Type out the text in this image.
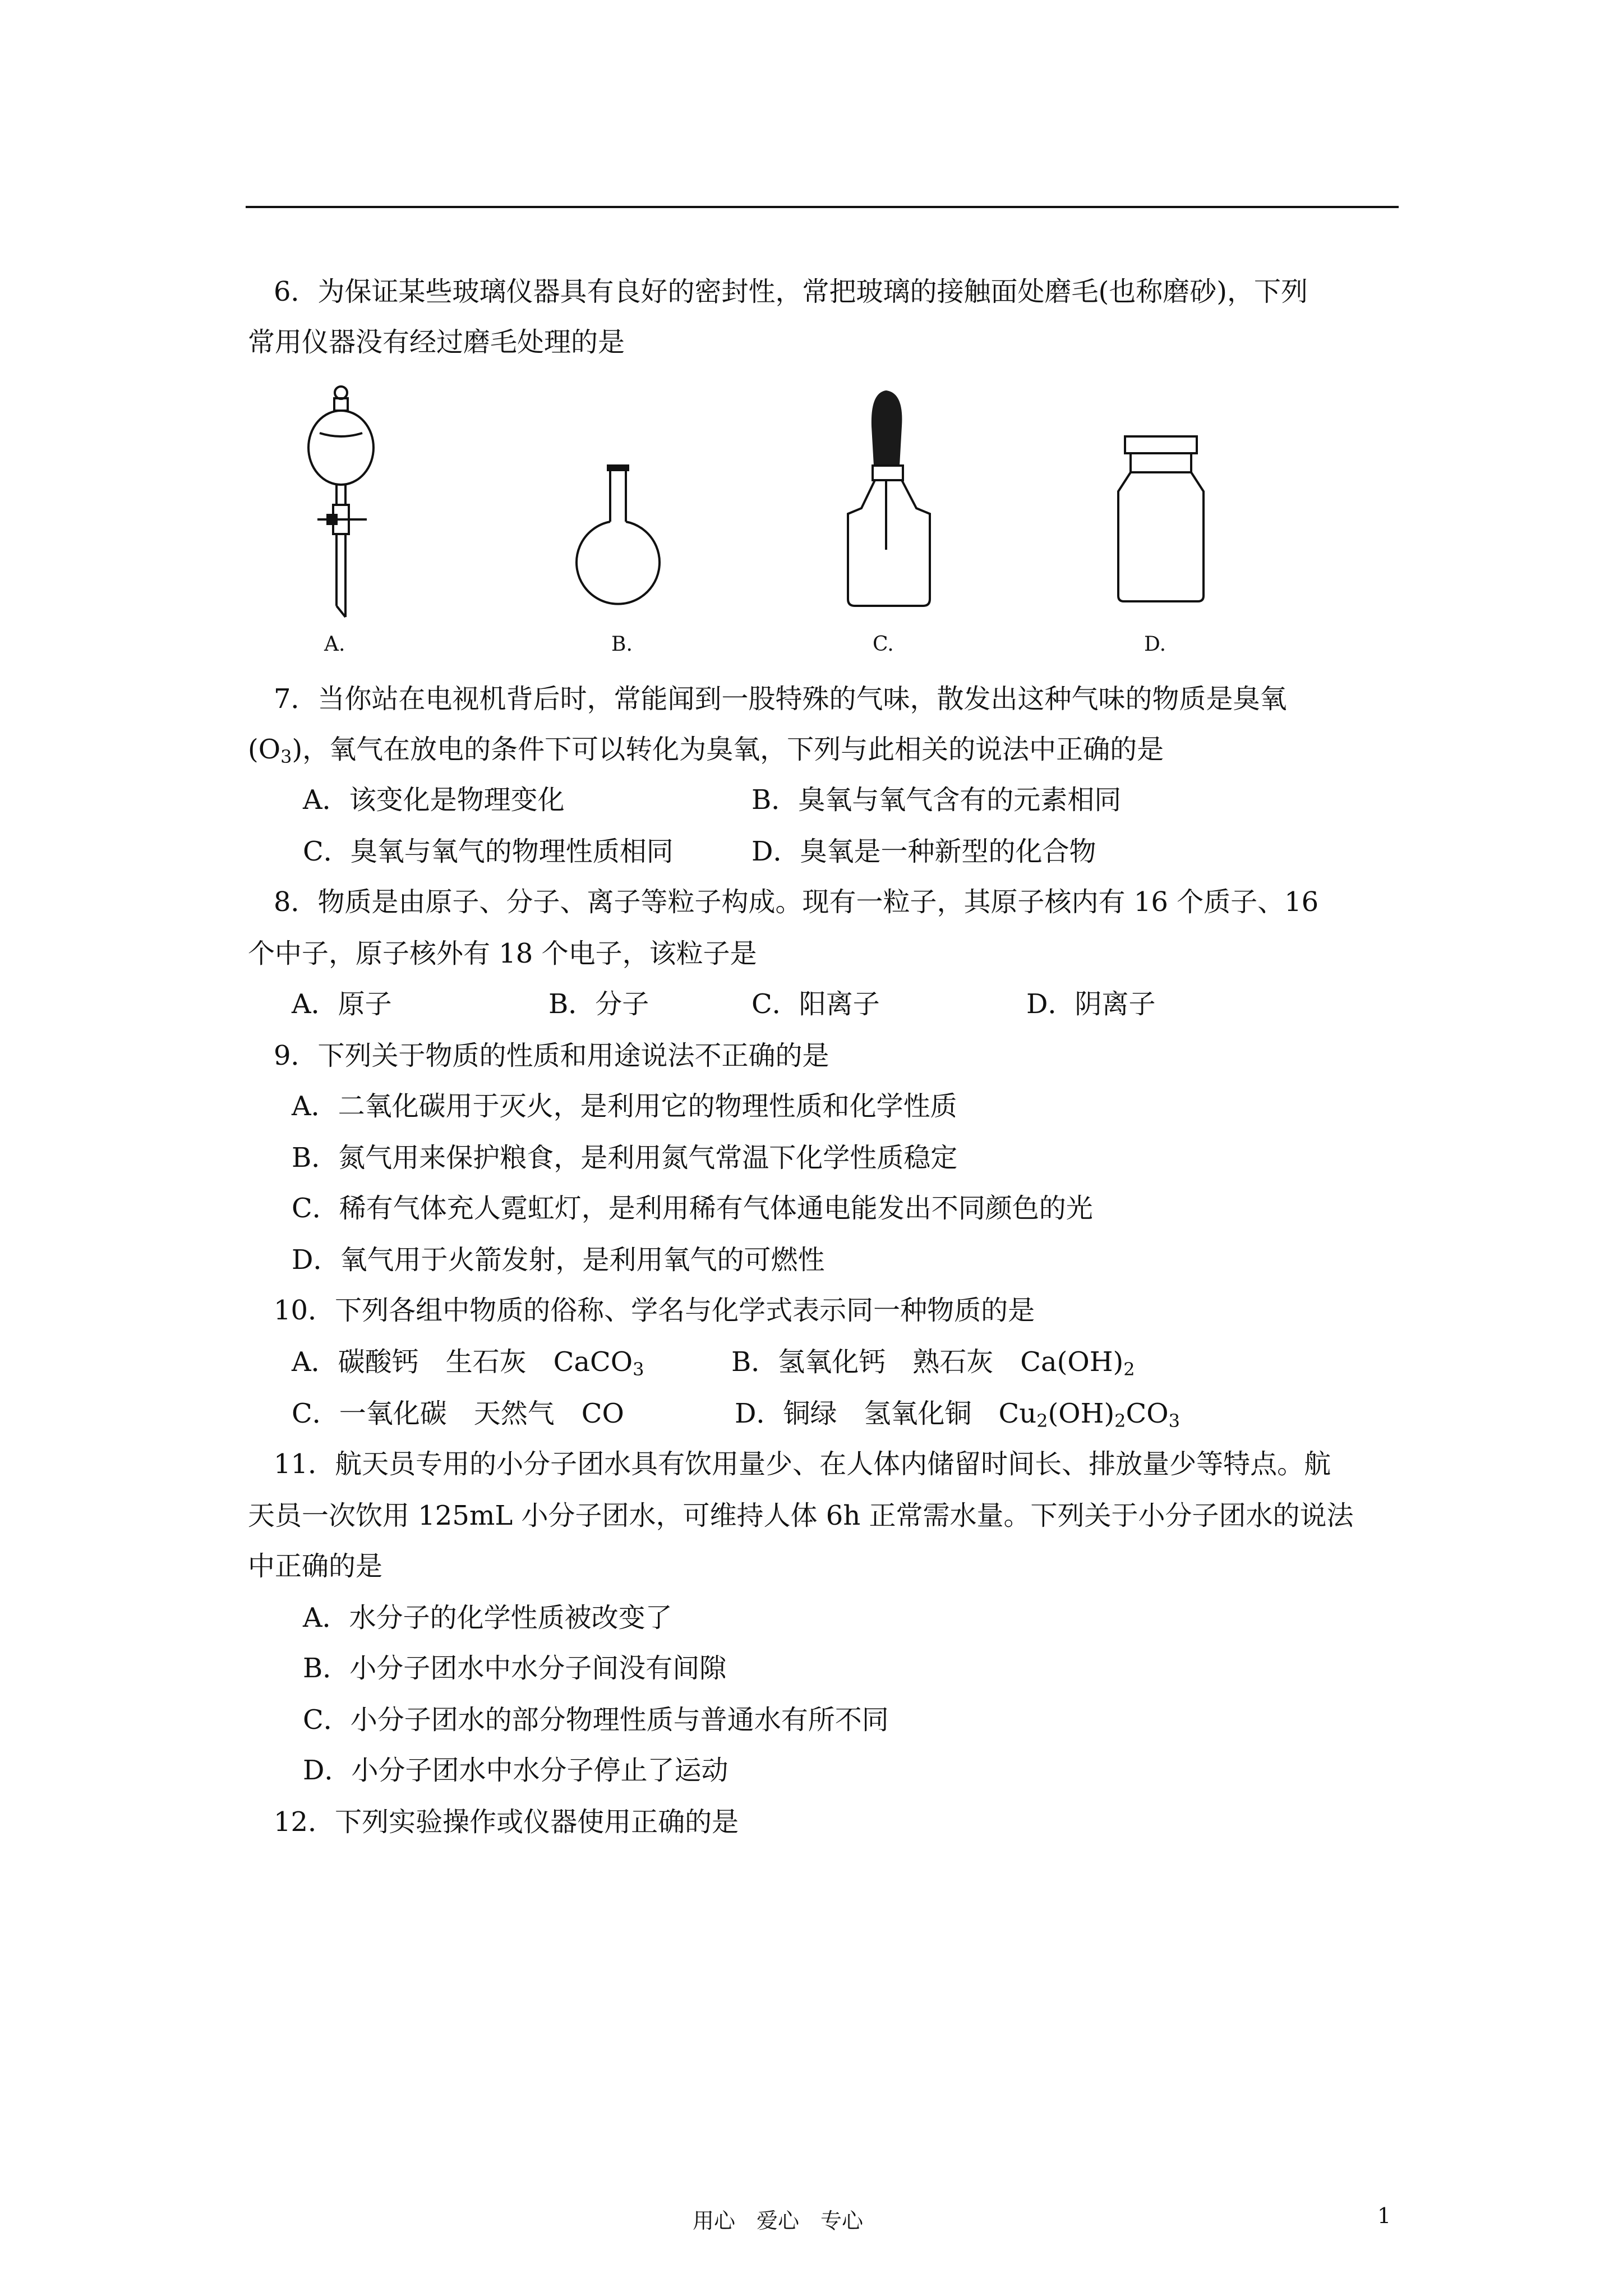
6．为保证某些玻璃仪器具有良好的密封性，常把玻璃的接触面处磨毛(也称磨砂)，下列
常用仪器没有经过磨毛处理的是
A.	B.	C.	D.
7．当你站在电视机背后时，常能闻到一股特殊的气味，散发出这种气味的物质是臭氧
$(O_3)$，氧气在放电的条件下可以转化为臭氧，下列与此相关的说法中正确的是
A．该变化是物理变化	B．臭氧与氧气含有的元素相同
C．臭氧与氧气的物理性质相同	D．臭氧是一种新型的化合物
8．物质是由原子、分子、离子等粒子构成。现有一粒子，其原子核内有 16 个质子、16
个中子，原子核外有 18 个电子，该粒子是
A．原子	B．分子	C．阳离子	D．阴离子
9．下列关于物质的性质和用途说法不正确的是
A．二氧化碳用于灭火，是利用它的物理性质和化学性质
B．氮气用来保护粮食，是利用氮气常温下化学性质稳定
C．稀有气体充人霓虹灯，是利用稀有气体通电能发出不同颜色的光
D．氧气用于火箭发射，是利用氧气的可燃性
10．下列各组中物质的俗称、学名与化学式表示同一种物质的是
A．碳酸钙　生石灰　CaCO$_3$	B．氢氧化钙　熟石灰　$Ca(OH)_2$
C．一氧化碳　天然气　CO	D．铜绿　氢氧化铜　$Cu_2(OH)_2CO_3$
11．航天员专用的小分子团水具有饮用量少、在人体内储留时间长、排放量少等特点。航
天员一次饮用 125mL 小分子团水，可维持人体 6h 正常需水量。下列关于小分子团水的说法
中正确的是
A．水分子的化学性质被改变了
B．小分子团水中水分子间没有间隙
C．小分子团水的部分物理性质与普通水有所不同
D．小分子团水中水分子停止了运动
12．下列实验操作或仪器使用正确的是
用心　爱心　专心	1
